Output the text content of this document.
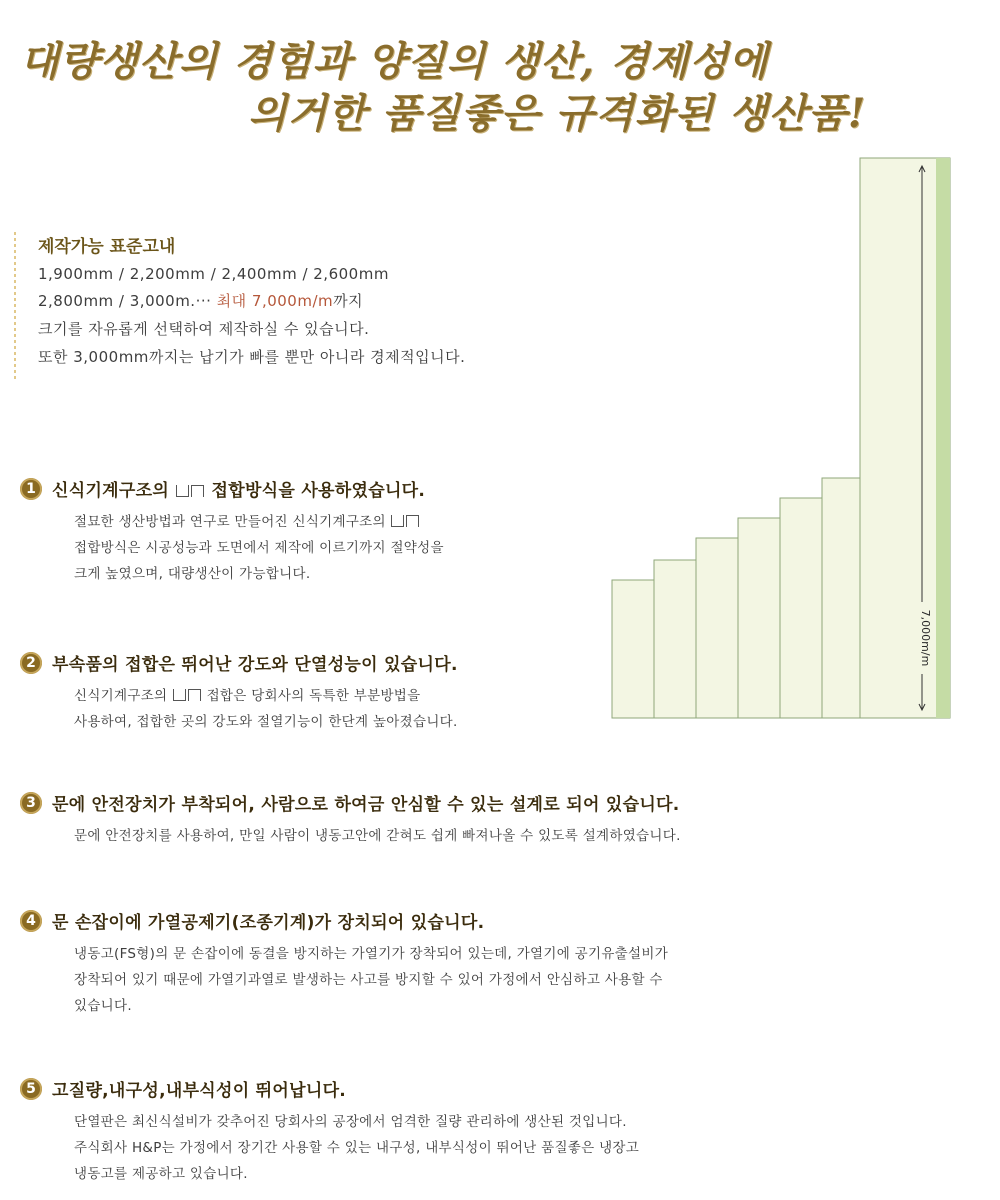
대량생산의 경험과 양질의 생산, 경제성에
의거한 품질좋은 규격화된 생산품!
제작가능 표준고내
1,900mm / 2,200mm / 2,400mm / 2,600mm
2,800mm / 3,000m.··· 최대 7,000m/m까지
크기를 자유롭게 선택하여 제작하실 수 있습니다.
또한 3,000mm까지는 납기가 빠를 뿐만 아니라 경제적입니다.
7,000m/m
1 신식기계구조의 접합방식을 사용하였습니다.
절묘한 생산방법과 연구로 만들어진 신식기계구조의
접합방식은 시공성능과 도면에서 제작에 이르기까지 절약성을
크게 높였으며, 대량생산이 가능합니다.
2 부속품의 접합은 뛰어난 강도와 단열성능이 있습니다.
신식기계구조의	접합은 당회사의 독특한 부분방법을
사용하여, 접합한 곳의 강도와 절열기능이 한단계 높아졌습니다.
3 문에 안전장치가 부착되어, 사람으로 하여금 안심할 수 있는 설계로 되어 있습니다.
문에 안전장치를 사용하여, 만일 사람이 냉동고안에 갇혀도 쉽게 빠져나올 수 있도록 설계하였습니다.
4 문 손잡이에 가열공제기(조종기계)가 장치되어 있습니다.
냉동고(FS형)의 문 손잡이에 동결을 방지하는 가열기가 장착되어 있는데, 가열기에 공기유출설비가
장착되어 있기 때문에 가열기과열로 발생하는 사고를 방지할 수 있어 가정에서 안심하고 사용할 수
있습니다.
5 고질량,내구성,내부식성이 뛰어납니다.
단열판은 최신식설비가 갖추어진 당회사의 공장에서 엄격한 질량 관리하에 생산된 것입니다.
주식회사 H&P는 가정에서 장기간 사용할 수 있는 내구성, 내부식성이 뛰어난 품질좋은 냉장고
냉동고를 제공하고 있습니다.
